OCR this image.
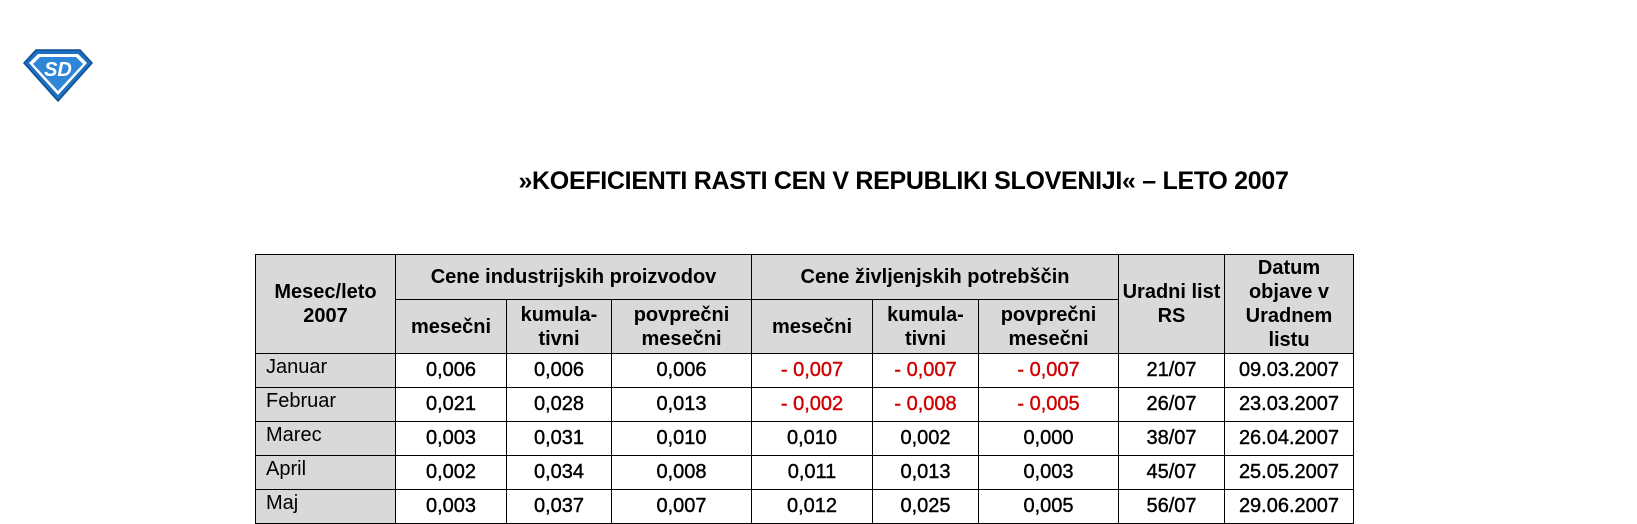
SD
»KOEFICIENTI RASTI CEN V REPUBLIKI SLOVENIJI« – LETO 2007
Mesec/leto 2007	Cene industrijskih proizvodov			Cene življenjskih potrebščin			Uradni list RS	Datum objave v Uradnem listu
	mesečni	kumula-tivni	povprečni mesečni	mesečni	kumula-tivni	povprečni mesečni		
Januar	0,006	0,006	0,006	- 0,007	- 0,007	- 0,007	21/07	09.03.2007
Februar	0,021	0,028	0,013	- 0,002	- 0,008	- 0,005	26/07	23.03.2007
Marec	0,003	0,031	0,010	0,010	0,002	0,000	38/07	26.04.2007
April	0,002	0,034	0,008	0,011	0,013	0,003	45/07	25.05.2007
Maj	0,003	0,037	0,007	0,012	0,025	0,005	56/07	29.06.2007
